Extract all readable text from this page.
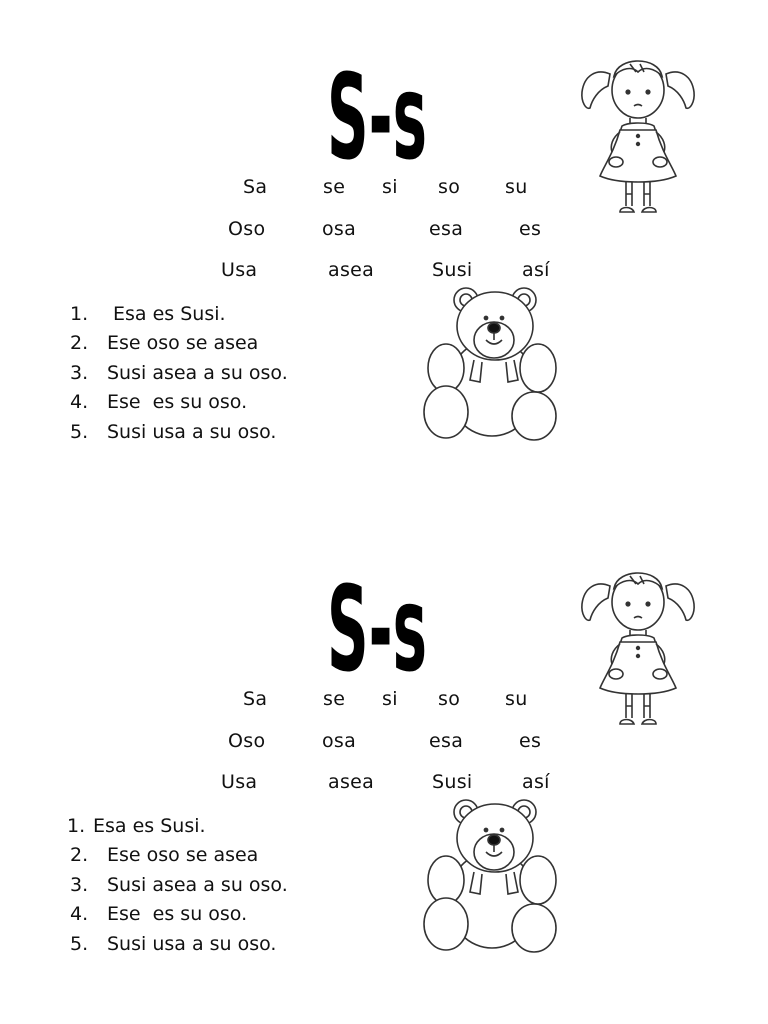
S-s
Sa	se si so su
Oso	osa	esa	es
Usa	asea	Susi	así
1. Esa es Susi.
2. Ese oso se asea
3. Susi asea a su oso.
4. Ese  es su oso.
5. Susi usa a su oso.
S-s
Sa	se si so su
Oso	osa	esa	es
Usa	asea	Susi	así
1. Esa es Susi.
2. Ese oso se asea
3. Susi asea a su oso.
4. Ese  es su oso.
5. Susi usa a su oso.
